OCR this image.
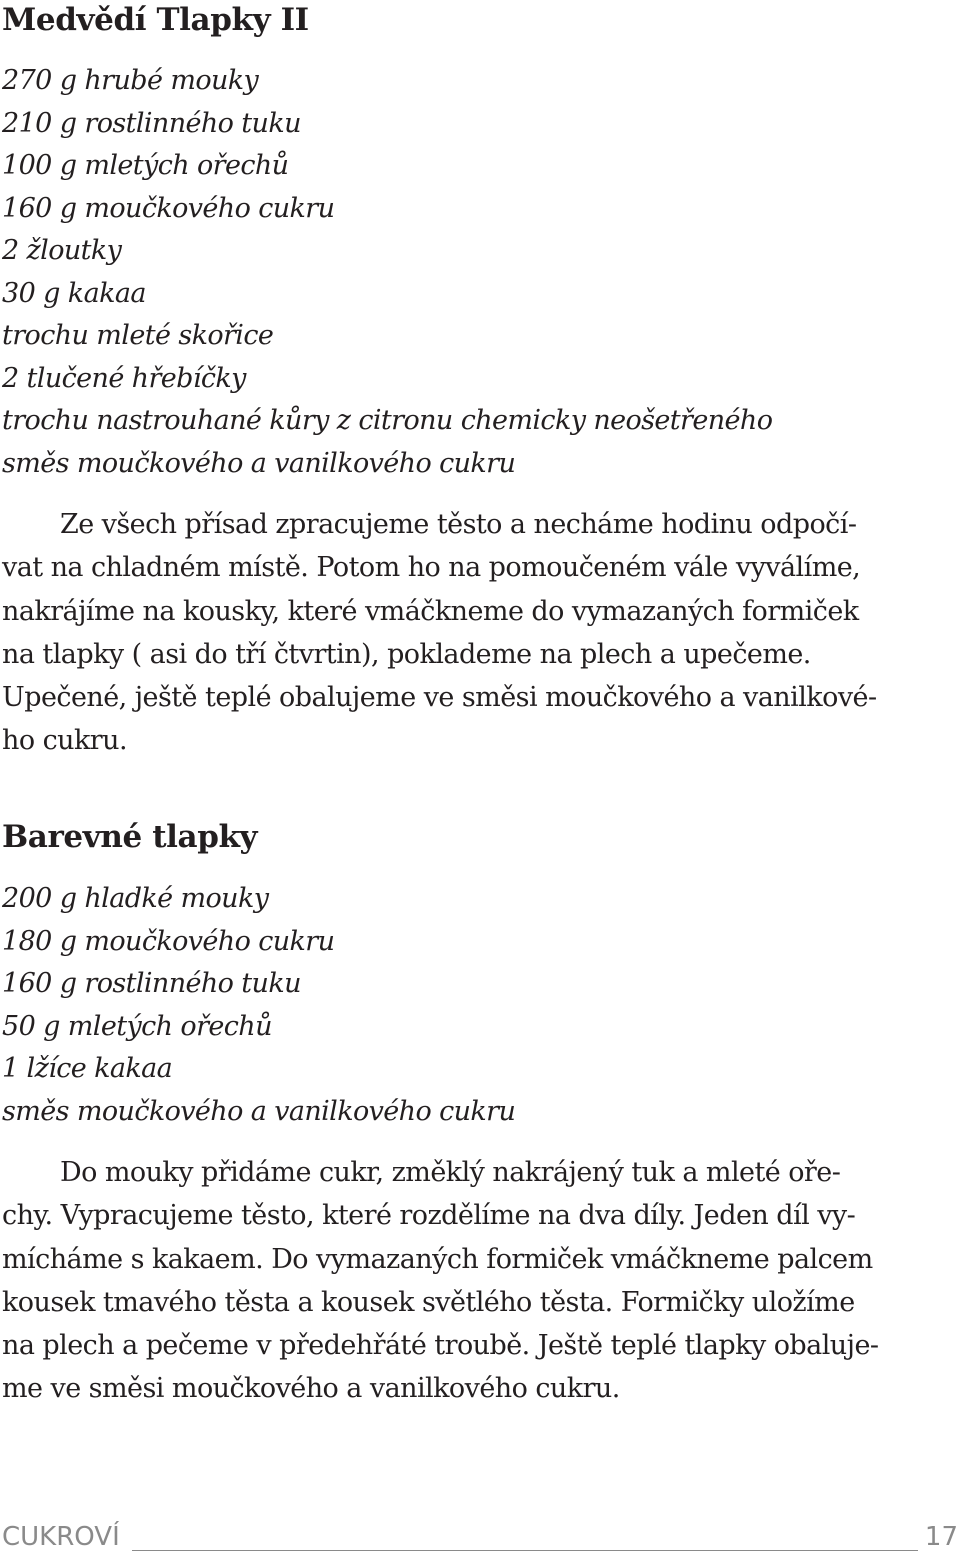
Medvědí Tlapky II
270 g hrubé mouky
210 g rostlinného tuku
100 g mletých ořechů
160 g moučkového cukru
2 žloutky
30 g kakaa
trochu mleté skořice
2 tlučené hřebíčky
trochu nastrouhané kůry z citronu chemicky neošetřeného
směs moučkového a vanilkového cukru

Ze všech přísad zpracujeme těsto a necháme hodinu odpočí-
vat na chladném místě. Potom ho na pomoučeném vále vyválíme,
nakrájíme na kousky, které vmáčkneme do vymazaných formiček
na tlapky ( asi do tří čtvrtin), poklademe na plech a upečeme.
Upečené, ještě teplé obalujeme ve směsi moučkového a vanilkové-
ho cukru.

Barevné tlapky
200 g hladké mouky
180 g moučkového cukru
160 g rostlinného tuku
50 g mletých ořechů
1 lžíce kakaa
směs moučkového a vanilkového cukru

Do mouky přidáme cukr, změklý nakrájený tuk a mleté oře-
chy. Vypracujeme těsto, které rozdělíme na dva díly. Jeden díl vy-
mícháme s kakaem. Do vymazaných formiček vmáčkneme palcem
kousek tmavého těsta a kousek světlého těsta. Formičky uložíme
na plech a pečeme v předehřáté troubě. Ještě teplé tlapky obaluje-
me ve směsi moučkového a vanilkového cukru.

CUKROVÍ	17
